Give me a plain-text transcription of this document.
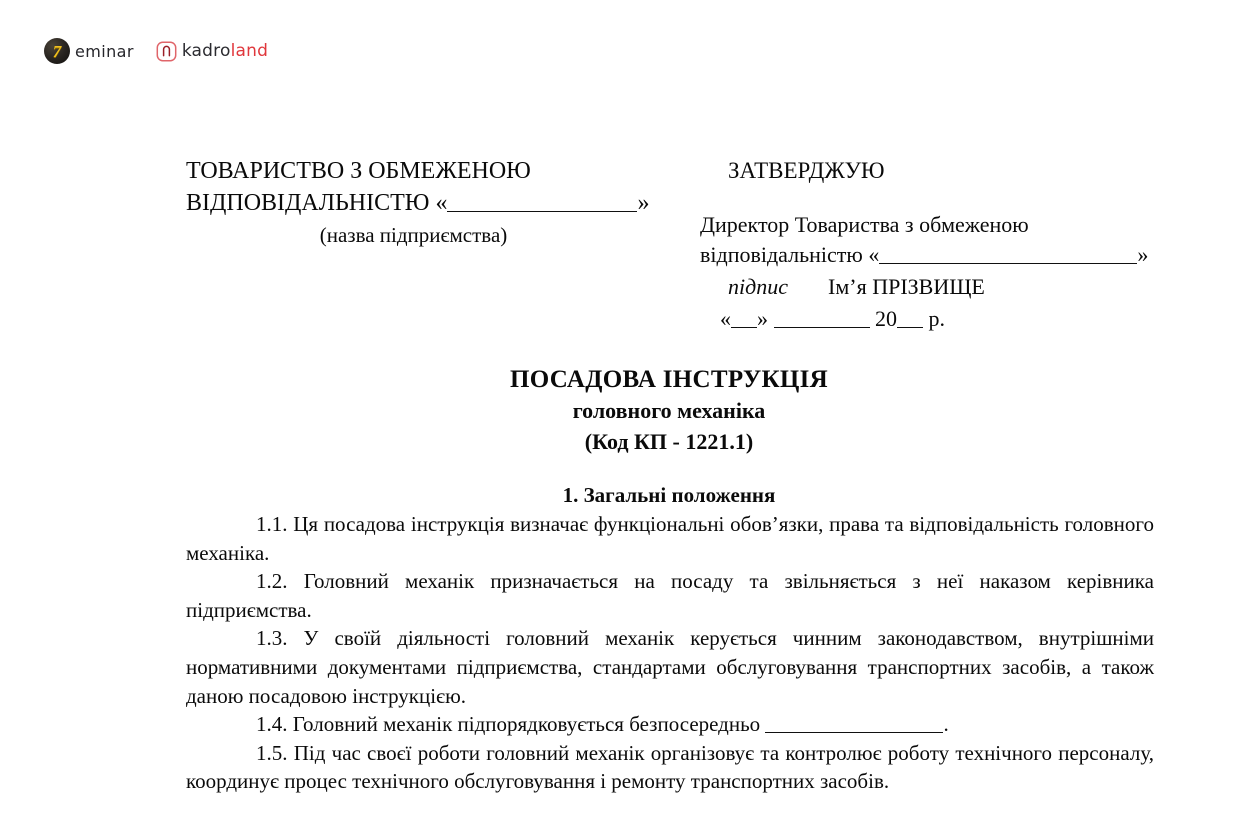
7 eminar	kadroland
ТОВАРИСТВО З ОБМЕЖЕНОЮ
ВІДПОВІДАЛЬНІСТЮ «	»
(назва підприємства)
ЗАТВЕРДЖУЮ
Директор Товариства з обмеженою
відповідальністю «	»
підпис Ім’я ПРІЗВИЩЕ
« »	20 р.
ПОСАДОВА ІНСТРУКЦІЯ
головного механіка
(Код КП - 1221.1)
1. Загальні положення

1.1. Ця посадова інструкція визначає функціональні обов’язки, права та відповідальність головного механіка.

1.2. Головний механік призначається на посаду та звільняється з неї наказом керівника підприємства.

1.3. У своїй діяльності головний механік керується чинним законодавством, внутрішніми нормативними документами підприємства, стандартами обслуговування транспортних засобів, а також даною посадовою інструкцією.

1.4. Головний механік підпорядковується безпосередньо	.

1.5. Під час своєї роботи головний механік організовує та контролює роботу технічного персоналу, координує процес технічного обслуговування і ремонту транспортних засобів.
